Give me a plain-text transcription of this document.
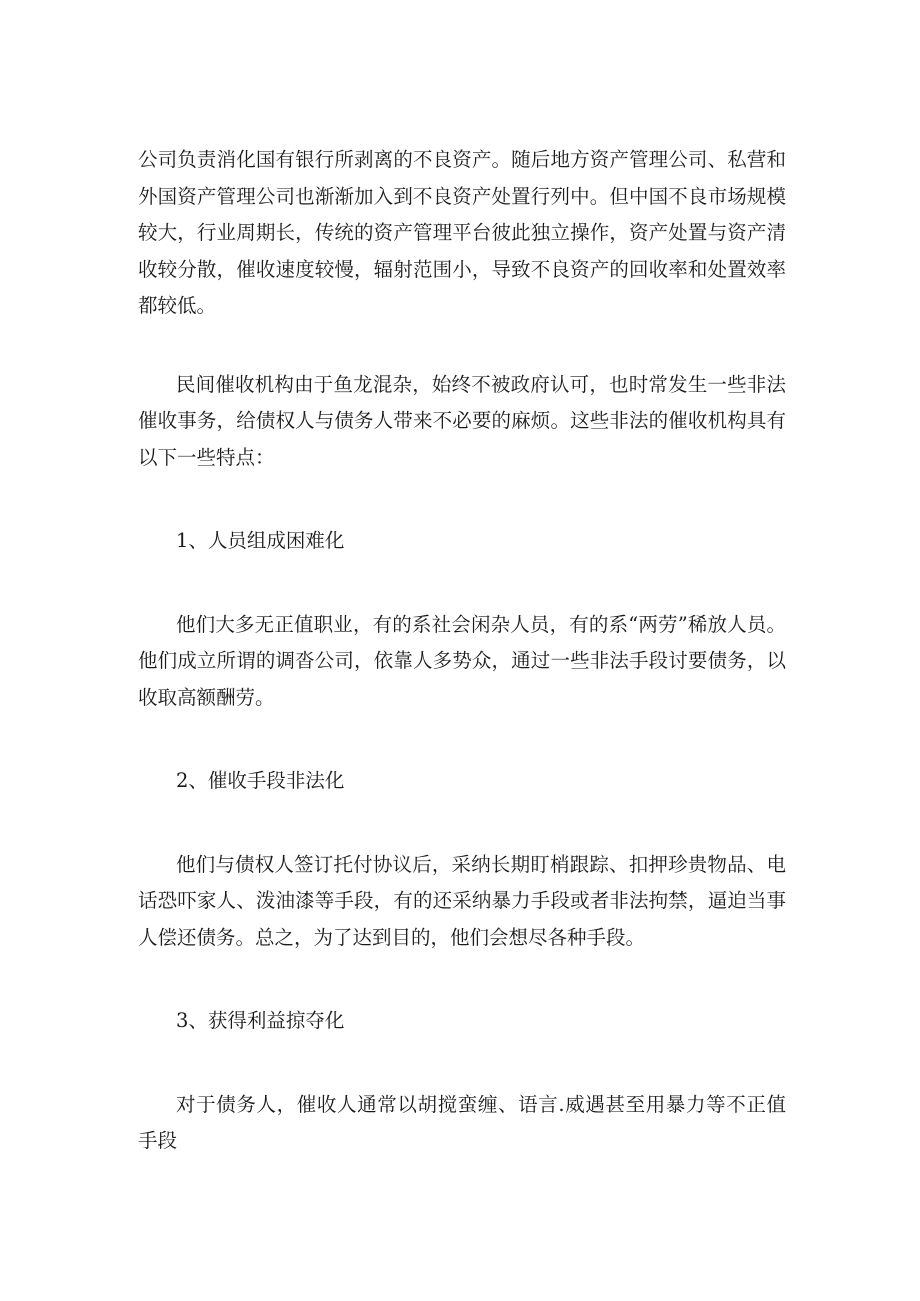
公司负责消化国有银行所剥离的不良资产。随后地方资产管理公司、私营和外国资产管理公司也渐渐加入到不良资产处置行列中。但中国不良市场规模较大，行业周期长，传统的资产管理平台彼此独立操作，资产处置与资产清收较分散，催收速度较慢，辐射范围小，导致不良资产的回收率和处置效率都较低。

民间催收机构由于鱼龙混杂，始终不被政府认可，也时常发生一些非法催收事务，给债权人与债务人带来不必要的麻烦。这些非法的催收机构具有以下一些特点：

1、人员组成困难化

他们大多无正值职业，有的系社会闲杂人员，有的系“两劳”稀放人员。他们成立所谓的调沓公司，依靠人多势众，通过一些非法手段讨要债务，以收取高额酬劳。

2、催收手段非法化

他们与债权人签订托付协议后，采纳长期盯梢跟踪、扣押珍贵物品、电话恐吓家人、泼油漆等手段，有的还采纳暴力手段或者非法拘禁，逼迫当事人偿还债务。总之，为了达到目的，他们会想尽各种手段。

3、获得利益掠夺化

对于债务人，催收人通常以胡搅蛮缠、语言.威遇甚至用暴力等不正值手段
